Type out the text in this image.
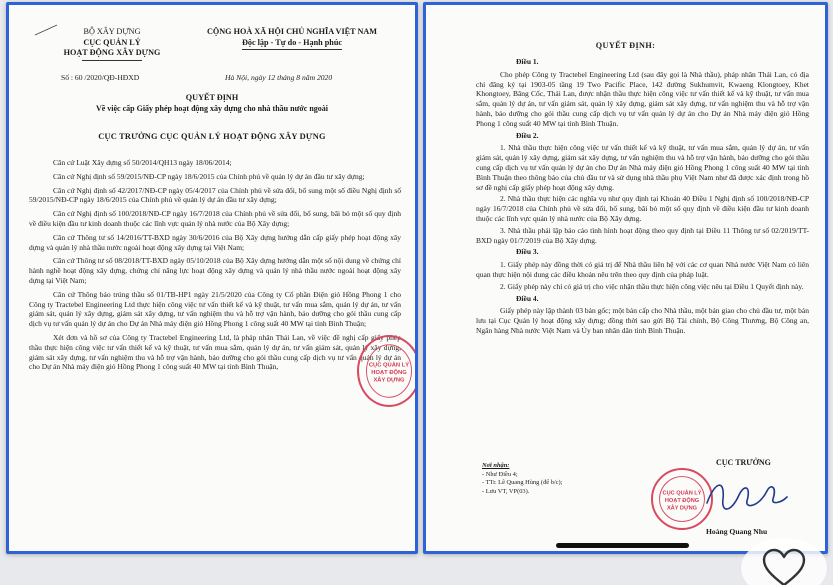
BỘ XÂY DỰNG
CỤC QUẢN LÝ
HOẠT ĐỘNG XÂY DỰNG
CỘNG HOÀ XÃ HỘI CHỦ NGHĨA VIỆT NAM
Độc lập - Tự do - Hạnh phúc
Số : 60 /2020/QĐ-HĐXD	Hà Nội, ngày 12 tháng 8 năm 2020
QUYẾT ĐỊNH
Về việc cấp Giấy phép hoạt động xây dựng cho nhà thầu nước ngoài
CỤC TRƯỞNG CỤC QUẢN LÝ HOẠT ĐỘNG XÂY DỰNG

Căn cứ Luật Xây dựng số 50/2014/QH13 ngày 18/06/2014;

Căn cứ Nghị định số 59/2015/NĐ-CP ngày 18/6/2015 của Chính phủ về quản lý dự án đầu tư xây dựng;

Căn cứ Nghị định số 42/2017/NĐ-CP ngày 05/4/2017 của Chính phủ về sửa đổi, bổ sung một số điều Nghị định số 59/2015/NĐ-CP ngày 18/6/2015 của Chính phủ về quản lý dự án đầu tư xây dựng;

Căn cứ Nghị định số 100/2018/NĐ-CP ngày 16/7/2018 của Chính phủ về sửa đổi, bổ sung, bãi bỏ một số quy định về điều kiện đầu tư kinh doanh thuộc các lĩnh vực quản lý nhà nước của Bộ Xây dựng;

Căn cứ Thông tư số 14/2016/TT-BXD ngày 30/6/2016 của Bộ Xây dựng hướng dẫn cấp giấy phép hoạt động xây dựng và quản lý nhà thầu nước ngoài hoạt động xây dựng tại Việt Nam;

Căn cứ Thông tư số 08/2018/TT-BXD ngày 05/10/2018 của Bộ Xây dựng hướng dẫn một số nội dung về chứng chỉ hành nghề hoạt động xây dựng, chứng chỉ năng lực hoạt động xây dựng và quản lý nhà thầu nước ngoài hoạt động xây dựng tại Việt Nam;

Căn cứ Thông báo trúng thầu số 01/TB-HP1 ngày 21/5/2020 của Công ty Cổ phần Điện gió Hồng Phong 1 cho Công ty Tractebel Engineering Ltd thực hiện công việc tư vấn thiết kế và kỹ thuật, tư vấn mua sắm, quản lý dự án, tư vấn giám sát, quản lý xây dựng, giám sát xây dựng, tư vấn nghiệm thu và hỗ trợ vận hành, bảo dưỡng cho gói thầu cung cấp dịch vụ tư vấn quản lý dự án cho Dự án Nhà máy điện gió Hồng Phong 1 công suất 40 MW tại tỉnh Bình Thuận;

Xét đơn và hồ sơ của Công ty Tractebel Engineering Ltd, là pháp nhân Thái Lan, về việc đề nghị cấp giấy phép thầu thực hiện công việc tư vấn thiết kế và kỹ thuật, tư vấn mua sắm, quản lý dự án, tư vấn giám sát, quản lý xây dựng, giám sát xây dựng, tư vấn nghiệm thu và hỗ trợ vận hành, bảo dưỡng cho gói thầu cung cấp dịch vụ tư vấn quản lý dự án cho Dự án Nhà máy điện gió Hồng Phong 1 công suất 40 MW tại tỉnh Bình Thuận,	CỤC QUẢN LÝ
HOẠT ĐỘNG
XÂY DỰNG
QUYẾT ĐỊNH:
Điều 1.

Cho phép Công ty Tractebel Engineering Ltd (sau đây gọi là Nhà thầu), pháp nhân Thái Lan, có địa chỉ đăng ký tại 1903-05 tầng 19 Two Pacific Place, 142 đường Sukhumvit, Kwaeng Klongtoey, Khet Khongtoey, Băng Cốc, Thái Lan, được nhận thầu thực hiện công việc tư vấn thiết kế và kỹ thuật, tư vấn mua sắm, quản lý dự án, tư vấn giám sát, quản lý xây dựng, giám sát xây dựng, tư vấn nghiệm thu và hỗ trợ vận hành, bảo dưỡng cho gói thầu cung cấp dịch vụ tư vấn quản lý dự án cho Dự án Nhà máy điện gió Hồng Phong 1 công suất 40 MW tại tỉnh Bình Thuận.

Điều 2.

1. Nhà thầu thực hiện công việc tư vấn thiết kế và kỹ thuật, tư vấn mua sắm, quản lý dự án, tư vấn giám sát, quản lý xây dựng, giám sát xây dựng, tư vấn nghiệm thu và hỗ trợ vận hành, bảo dưỡng cho gói thầu cung cấp dịch vụ tư vấn quản lý dự án cho Dự án Nhà máy điện gió Hồng Phong 1 công suất 40 MW tại tỉnh Bình Thuận theo thông báo của chủ đầu tư và sử dụng nhà thầu phụ Việt Nam như đã được xác định trong hồ sơ đề nghị cấp giấy phép hoạt động xây dựng.

2. Nhà thầu thực hiện các nghĩa vụ như quy định tại Khoản 40 Điều 1 Nghị định số 100/2018/NĐ-CP ngày 16/7/2018 của Chính phủ về sửa đổi, bổ sung, bãi bỏ một số quy định về điều kiện đầu tư kinh doanh thuộc các lĩnh vực quản lý nhà nước của Bộ Xây dựng.

3. Nhà thầu phải lập báo cáo tình hình hoạt động theo quy định tại Điều 11 Thông tư số 02/2019/TT-BXD ngày 01/7/2019 của Bộ Xây dựng.

Điều 3.

1. Giấy phép này đồng thời có giá trị để Nhà thầu liên hệ với các cơ quan Nhà nước Việt Nam có liên quan thực hiện nội dung các điều khoản nêu trên theo quy định của pháp luật.

2. Giấy phép này chỉ có giá trị cho việc nhận thầu thực hiện công việc nêu tại Điều 1 Quyết định này.

Điều 4.

Giấy phép này lập thành 03 bản gốc; một bản cấp cho Nhà thầu, một bản giao cho chủ đầu tư, một bản lưu tại Cục Quản lý hoạt động xây dựng; đồng thời sao gửi Bộ Tài chính, Bộ Công Thương, Bộ Công an, Ngân hàng Nhà nước Việt Nam và Ủy ban nhân dân tỉnh Bình Thuận.

Nơi nhận:
- Như Điều 4;
- TTr. Lê Quang Hùng (để b/c);
- Lưu VT, VP(03).
CỤC TRƯỞNG
CỤC QUẢN LÝ
HOẠT ĐỘNG
XÂY DỰNG
Hoàng Quang Nhu
